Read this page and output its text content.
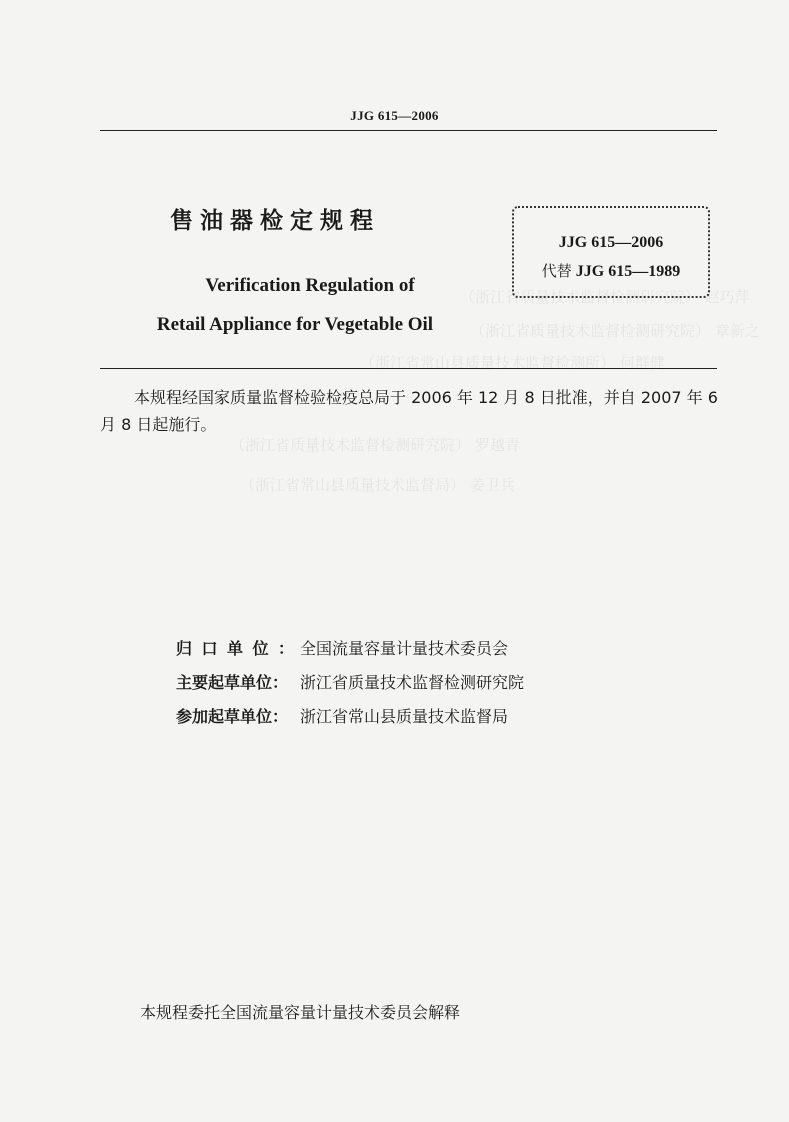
JJG 615—2006
（浙江省质量技术监督检测研究院） 赵巧萍
（浙江省质量技术监督检测研究院） 章新之
（浙江省常山县质量技术监督检测所） 何群健
（浙江省质量技术监督检测研究院） 罗越青
（浙江省常山县质量技术监督局） 姜卫兵
售油器检定规程
Verification Regulation of
Retail Appliance for Vegetable Oil
JJG 615—2006
代替 JJG 615—1989
本规程经国家质量监督检验检疫总局于 2006 年 12 月 8 日批准，并自 2007 年 6 月 8 日起施行。
归口单位：全国流量容量计量技术委员会
主要起草单位： 浙江省质量技术监督检测研究院
参加起草单位： 浙江省常山县质量技术监督局
本规程委托全国流量容量计量技术委员会解释
